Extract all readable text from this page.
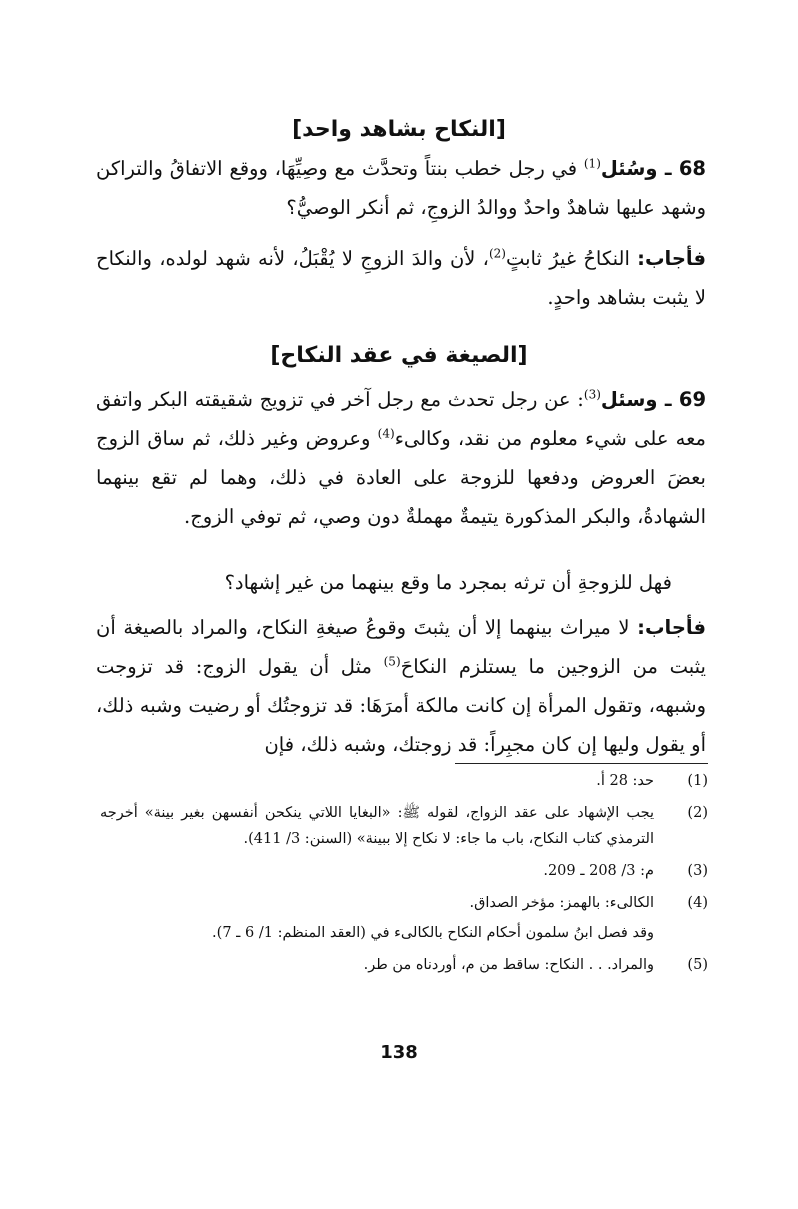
[النكاح بشاهد واحد]

68 ـ وسُئل$^{(1)}$ في رجل خطب بنتاً وتحدَّث مع وصِيِّهَا، ووقع الاتفاقُ والتراكن وشهد عليها شاهدٌ واحدٌ ووالدُ الزوجِ، ثم أنكر الوصيُّ؟

فأجاب: النكاحُ غيرُ ثابتٍ$^{(2)}$، لأن والدَ الزوجِ لا يُقْبَلُ، لأنه شهد لولده، والنكاح لا يثبت بشاهد واحدٍ.

[الصيغة في عقد النكاح]

69 ـ وسئل$^{(3)}$: عن رجل تحدث مع رجل آخر في تزويج شقيقته البكر واتفق معه على شيء معلوم من نقد، وكالىء$^{(4)}$ وعروض وغير ذلك، ثم ساق الزوج بعضَ العروض ودفعها للزوجة على العادة في ذلك، وهما لم تقع بينهما الشهادةُ، والبكر المذكورة يتيمةٌ مهملةٌ دون وصي، ثم توفي الزوج.

فهل للزوجةِ أن ترثه بمجرد ما وقع بينهما من غير إشهاد؟

فأجاب: لا ميراث بينهما إلا أن يثبتَ وقوعُ صيغةِ النكاح، والمراد بالصيغة أن يثبت من الزوجين ما يستلزم النكاحَ$^{(5)}$ مثل أن يقول الزوج: قد تزوجت وشبهه، وتقول المرأة إن كانت مالكة أمرَهَا: قد تزوجتُك أو رضيت وشبه ذلك، أو يقول وليها إن كان مجبِراً: قد زوجتك، وشبه ذلك، فإن

(1)
حد: 28 أ.
(2)
يجب الإشهاد على عقد الزواج، لقوله ﷺ: «البغايا اللاتي ينكحن أنفسهن بغير بينة» أخرجه الترمذي كتاب النكاح، باب ما جاء: لا نكاح إلا ببينة» (السنن: 3/ 411).
(3)
م: 3/ 208 ـ 209.
(4)
الكالىء: بالهمز: مؤخر الصداق.
وقد فصل ابنُ سلمون أحكام النكاح بالكالىء في (العقد المنظم: 1/ 6 ـ 7).
(5)
والمراد. . . النكاح: ساقط من م، أوردناه من طر.
138
